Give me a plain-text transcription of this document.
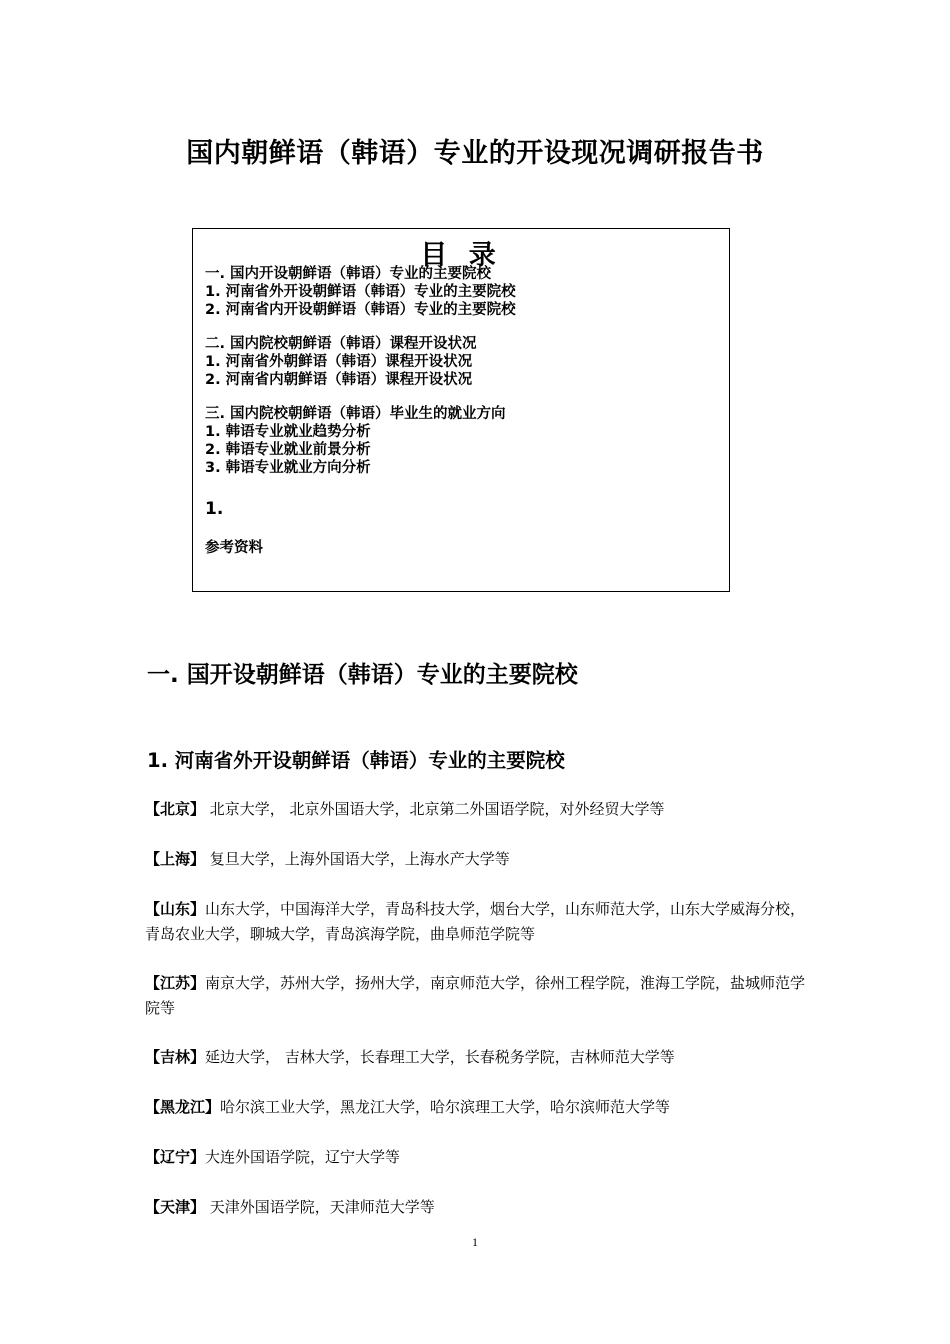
国内朝鲜语（韩语）专业的开设现况调研报告书
目 录
一. 国内开设朝鲜语（韩语）专业的主要院校
1. 河南省外开设朝鲜语（韩语）专业的主要院校
2. 河南省内开设朝鲜语（韩语）专业的主要院校
二. 国内院校朝鲜语（韩语）课程开设状况
1. 河南省外朝鲜语（韩语）课程开设状况
2. 河南省内朝鲜语（韩语）课程开设状况
三. 国内院校朝鲜语（韩语）毕业生的就业方向
1. 韩语专业就业趋势分析
2. 韩语专业就业前景分析
3. 韩语专业就业方向分析
1.
参考资料
一. 国开设朝鲜语（韩语）专业的主要院校
1. 河南省外开设朝鲜语（韩语）专业的主要院校
【北京】 北京大学， 北京外国语大学，北京第二外国语学院，对外经贸大学等
【上海】 复旦大学，上海外国语大学，上海水产大学等
【山东】山东大学，中国海洋大学，青岛科技大学，烟台大学，山东师范大学，山东大学威海分校，青岛农业大学，聊城大学，青岛滨海学院，曲阜师范学院等
【江苏】南京大学，苏州大学，扬州大学，南京师范大学，徐州工程学院，淮海工学院，盐城师范学院等
【吉林】延边大学， 吉林大学，长春理工大学，长春税务学院，吉林师范大学等
【黑龙江】哈尔滨工业大学，黑龙江大学，哈尔滨理工大学，哈尔滨师范大学等
【辽宁】大连外国语学院，辽宁大学等
【天津】 天津外国语学院，天津师范大学等
1
